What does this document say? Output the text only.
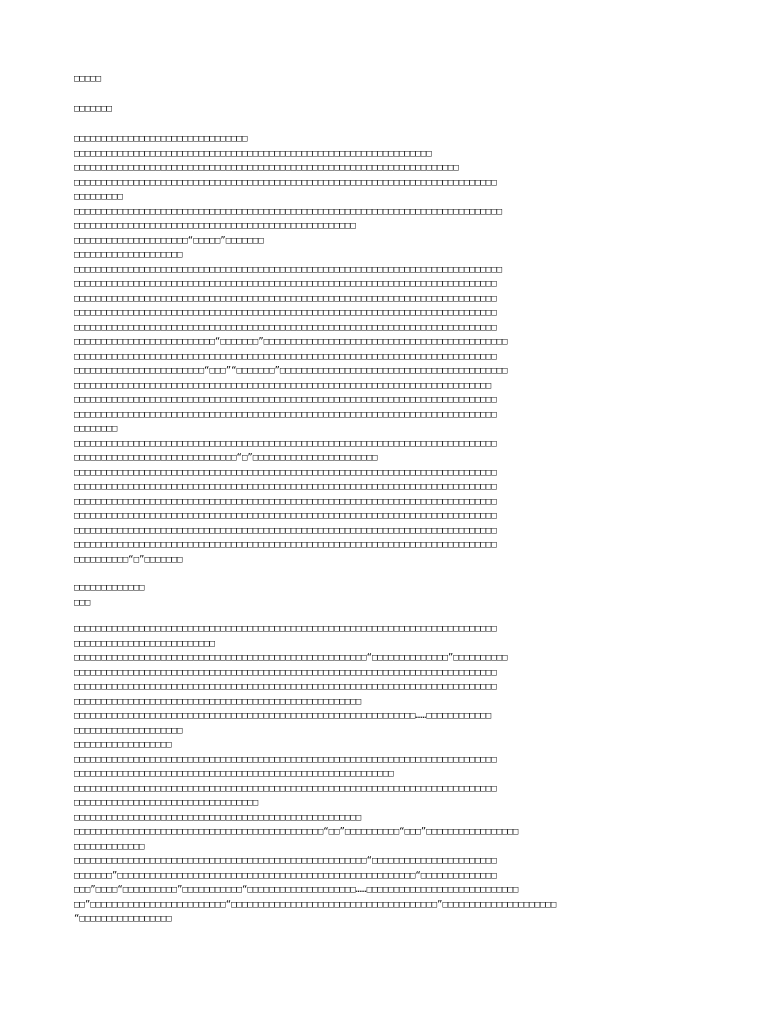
□□□□□
□□□□□□□
□□□□□□□□□□□□□□□□□□□□□□□□□□□□□□□□
□□□□□□□□□□□□□□□□□□□□□□□□□□□□□□□□□□□□□□□□□□□□□□□□□□□□□□□□□□□□□□□□□□
□□□□□□□□□□□□□□□□□□□□□□□□□□□□□□□□□□□□□□□□□□□□□□□□□□□□□□□□□□□□□□□□□□□□□□□
□□□□□□□□□□□□□□□□□□□□□□□□□□□□□□□□□□□□□□□□□□□□□□□□□□□□□□□□□□□□□□□□□□□□□□□□□□□□□□
□□□□□□□□□
□□□□□□□□□□□□□□□□□□□□□□□□□□□□□□□□□□□□□□□□□□□□□□□□□□□□□□□□□□□□□□□□□□□□□□□□□□□□□□□
□□□□□□□□□□□□□□□□□□□□□□□□□□□□□□□□□□□□□□□□□□□□□□□□□□□□
□□□□□□□□□□□□□□□□□□□□□“□□□□□”□□□□□□□
□□□□□□□□□□□□□□□□□□□□
□□□□□□□□□□□□□□□□□□□□□□□□□□□□□□□□□□□□□□□□□□□□□□□□□□□□□□□□□□□□□□□□□□□□□□□□□□□□□□□
□□□□□□□□□□□□□□□□□□□□□□□□□□□□□□□□□□□□□□□□□□□□□□□□□□□□□□□□□□□□□□□□□□□□□□□□□□□□□□
□□□□□□□□□□□□□□□□□□□□□□□□□□□□□□□□□□□□□□□□□□□□□□□□□□□□□□□□□□□□□□□□□□□□□□□□□□□□□□
□□□□□□□□□□□□□□□□□□□□□□□□□□□□□□□□□□□□□□□□□□□□□□□□□□□□□□□□□□□□□□□□□□□□□□□□□□□□□□
□□□□□□□□□□□□□□□□□□□□□□□□□□□□□□□□□□□□□□□□□□□□□□□□□□□□□□□□□□□□□□□□□□□□□□□□□□□□□□
□□□□□□□□□□□□□□□□□□□□□□□□□□“□□□□□□□”□□□□□□□□□□□□□□□□□□□□□□□□□□□□□□□□□□□□□□□□□□□□□
□□□□□□□□□□□□□□□□□□□□□□□□□□□□□□□□□□□□□□□□□□□□□□□□□□□□□□□□□□□□□□□□□□□□□□□□□□□□□□
□□□□□□□□□□□□□□□□□□□□□□□□“□□□”“□□□□□□□”□□□□□□□□□□□□□□□□□□□□□□□□□□□□□□□□□□□□□□□□□□
□□□□□□□□□□□□□□□□□□□□□□□□□□□□□□□□□□□□□□□□□□□□□□□□□□□□□□□□□□□□□□□□□□□□□□□□□□□□□
□□□□□□□□□□□□□□□□□□□□□□□□□□□□□□□□□□□□□□□□□□□□□□□□□□□□□□□□□□□□□□□□□□□□□□□□□□□□□□
□□□□□□□□□□□□□□□□□□□□□□□□□□□□□□□□□□□□□□□□□□□□□□□□□□□□□□□□□□□□□□□□□□□□□□□□□□□□□□
□□□□□□□□
□□□□□□□□□□□□□□□□□□□□□□□□□□□□□□□□□□□□□□□□□□□□□□□□□□□□□□□□□□□□□□□□□□□□□□□□□□□□□□
□□□□□□□□□□□□□□□□□□□□□□□□□□□□□□“□”□□□□□□□□□□□□□□□□□□□□□□□
□□□□□□□□□□□□□□□□□□□□□□□□□□□□□□□□□□□□□□□□□□□□□□□□□□□□□□□□□□□□□□□□□□□□□□□□□□□□□□
□□□□□□□□□□□□□□□□□□□□□□□□□□□□□□□□□□□□□□□□□□□□□□□□□□□□□□□□□□□□□□□□□□□□□□□□□□□□□□
□□□□□□□□□□□□□□□□□□□□□□□□□□□□□□□□□□□□□□□□□□□□□□□□□□□□□□□□□□□□□□□□□□□□□□□□□□□□□□
□□□□□□□□□□□□□□□□□□□□□□□□□□□□□□□□□□□□□□□□□□□□□□□□□□□□□□□□□□□□□□□□□□□□□□□□□□□□□□
□□□□□□□□□□□□□□□□□□□□□□□□□□□□□□□□□□□□□□□□□□□□□□□□□□□□□□□□□□□□□□□□□□□□□□□□□□□□□□
□□□□□□□□□□□□□□□□□□□□□□□□□□□□□□□□□□□□□□□□□□□□□□□□□□□□□□□□□□□□□□□□□□□□□□□□□□□□□□
□□□□□□□□□□“□”□□□□□□□
□□□□□□□□□□□□□
□□□
□□□□□□□□□□□□□□□□□□□□□□□□□□□□□□□□□□□□□□□□□□□□□□□□□□□□□□□□□□□□□□□□□□□□□□□□□□□□□□
□□□□□□□□□□□□□□□□□□□□□□□□□□
□□□□□□□□□□□□□□□□□□□□□□□□□□□□□□□□□□□□□□□□□□□□□□□□□□□□□□“□□□□□□□□□□□□□□”□□□□□□□□□□
□□□□□□□□□□□□□□□□□□□□□□□□□□□□□□□□□□□□□□□□□□□□□□□□□□□□□□□□□□□□□□□□□□□□□□□□□□□□□□
□□□□□□□□□□□□□□□□□□□□□□□□□□□□□□□□□□□□□□□□□□□□□□□□□□□□□□□□□□□□□□□□□□□□□□□□□□□□□□
□□□□□□□□□□□□□□□□□□□□□□□□□□□□□□□□□□□□□□□□□□□□□□□□□□□□□
□□□□□□□□□□□□□□□□□□□□□□□□□□□□□□□□□□□□□□□□□□□□□□□□□□□□□□□□□□□□□□□……□□□□□□□□□□□□
□□□□□□□□□□□□□□□□□□□□
□□□□□□□□□□□□□□□□□□
□□□□□□□□□□□□□□□□□□□□□□□□□□□□□□□□□□□□□□□□□□□□□□□□□□□□□□□□□□□□□□□□□□□□□□□□□□□□□□
□□□□□□□□□□□□□□□□□□□□□□□□□□□□□□□□□□□□□□□□□□□□□□□□□□□□□□□□□□□
□□□□□□□□□□□□□□□□□□□□□□□□□□□□□□□□□□□□□□□□□□□□□□□□□□□□□□□□□□□□□□□□□□□□□□□□□□□□□□
□□□□□□□□□□□□□□□□□□□□□□□□□□□□□□□□□□
□□□□□□□□□□□□□□□□□□□□□□□□□□□□□□□□□□□□□□□□□□□□□□□□□□□□□
□□□□□□□□□□□□□□□□□□□□□□□□□□□□□□□□□□□□□□□□□□□□□□“□□”□□□□□□□□□□“□□□”□□□□□□□□□□□□□□□□□
□□□□□□□□□□□□□
□□□□□□□□□□□□□□□□□□□□□□□□□□□□□□□□□□□□□□□□□□□□□□□□□□□□□□“□□□□□□□□□□□□□□□□□□□□□□□
□□□□□□□”□□□□□□□□□□□□□□□□□□□□□□□□□□□□□□□□□□□□□□□□□□□□□□□□□□□□□□□“□□□□□□□□□□□□□□
□□□”□□□□“□□□□□□□□□□”□□□□□□□□□□□“□□□□□□□□□□□□□□□□□□□□……□□□□□□□□□□□□□□□□□□□□□□□□□□□□
□□”□□□□□□□□□□□□□□□□□□□□□□□□□“□□□□□□□□□□□□□□□□□□□□□□□□□□□□□□□□□□□□□□”□□□□□□□□□□□□□□□□□□□□□
“□□□□□□□□□□□□□□□□□
